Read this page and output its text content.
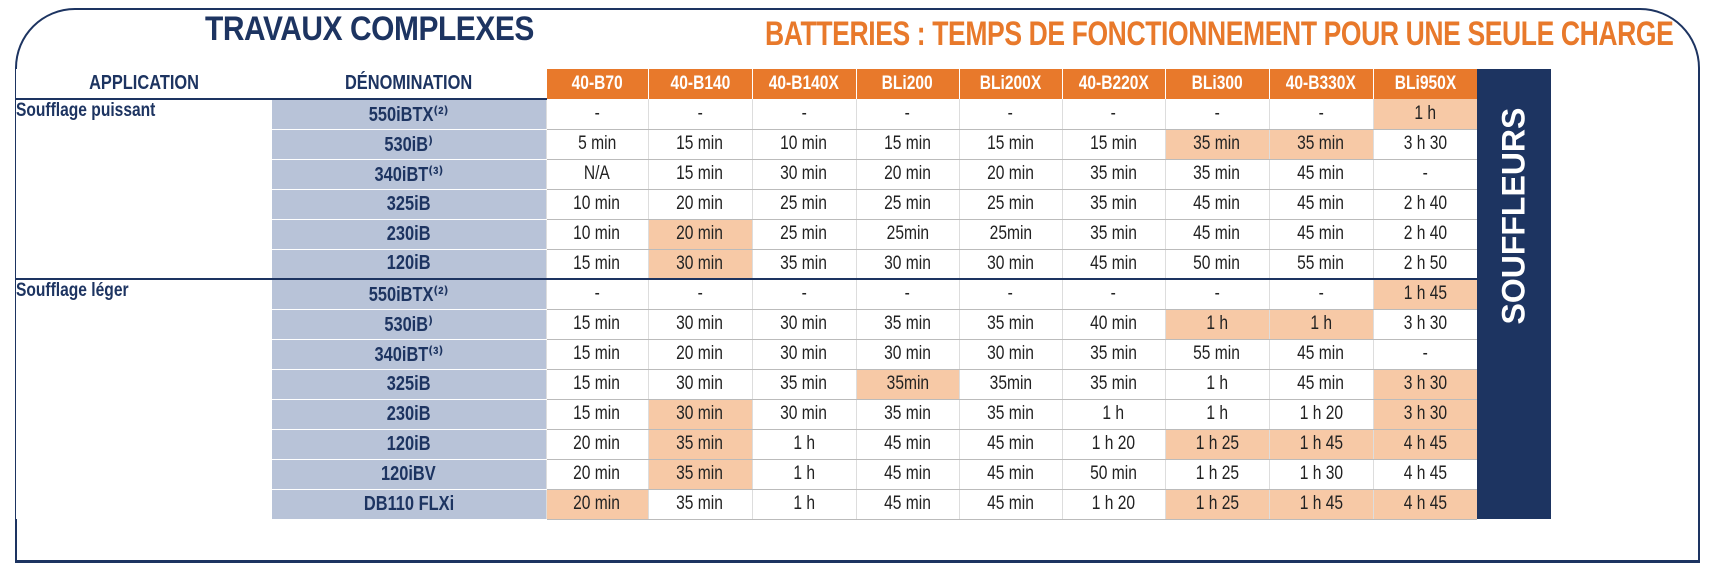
TRAVAUX COMPLEXES	BATTERIES : TEMPS DE FONCTIONNEMENT POUR UNE SEULE CHARGE
APPLICATION	DÉNOMINATION	40-B70	40-B140	40-B140X	BLi200	BLi200X	40-B220X	BLi300	40-B330X	BLi950X	
Soufflage puissant	550iBTX⁽²⁾	-	-	-	-	-	-	-	-	1 h	SOUFFLEURS

	530iB⁾	5 min	15 min	10 min	15 min	15 min	15 min	35 min	35 min	3 h 30	
	340iBT⁽³⁾	N/A	15 min	30 min	20 min	20 min	35 min	35 min	45 min	-	
	325iB	10 min	20 min	25 min	25 min	25 min	35 min	45 min	45 min	2 h 40	
	230iB	10 min	20 min	25 min	25min	25min	35 min	45 min	45 min	2 h 40	
	120iB	15 min	30 min	35 min	30 min	30 min	45 min	50 min	55 min	2 h 50	
Soufflage léger	550iBTX⁽²⁾	-	-	-	-	-	-	-	-	1 h 45	
	530iB⁾	15 min	30 min	30 min	35 min	35 min	40 min	1 h	1 h	3 h 30	
	340iBT⁽³⁾	15 min	20 min	30 min	30 min	30 min	35 min	55 min	45 min	-	
	325iB	15 min	30 min	35 min	35min	35min	35 min	1 h	45 min	3 h 30	
	230iB	15 min	30 min	30 min	35 min	35 min	1 h	1 h	1 h 20	3 h 30	
	120iB	20 min	35 min	1 h	45 min	45 min	1 h 20	1 h 25	1 h 45	4 h 45	
	120iBV	20 min	35 min	1 h	45 min	45 min	50 min	1 h 25	1 h 30	4 h 45	
	DB110 FLXi	20 min	35 min	1 h	45 min	45 min	1 h 20	1 h 25	1 h 45	4 h 45	
